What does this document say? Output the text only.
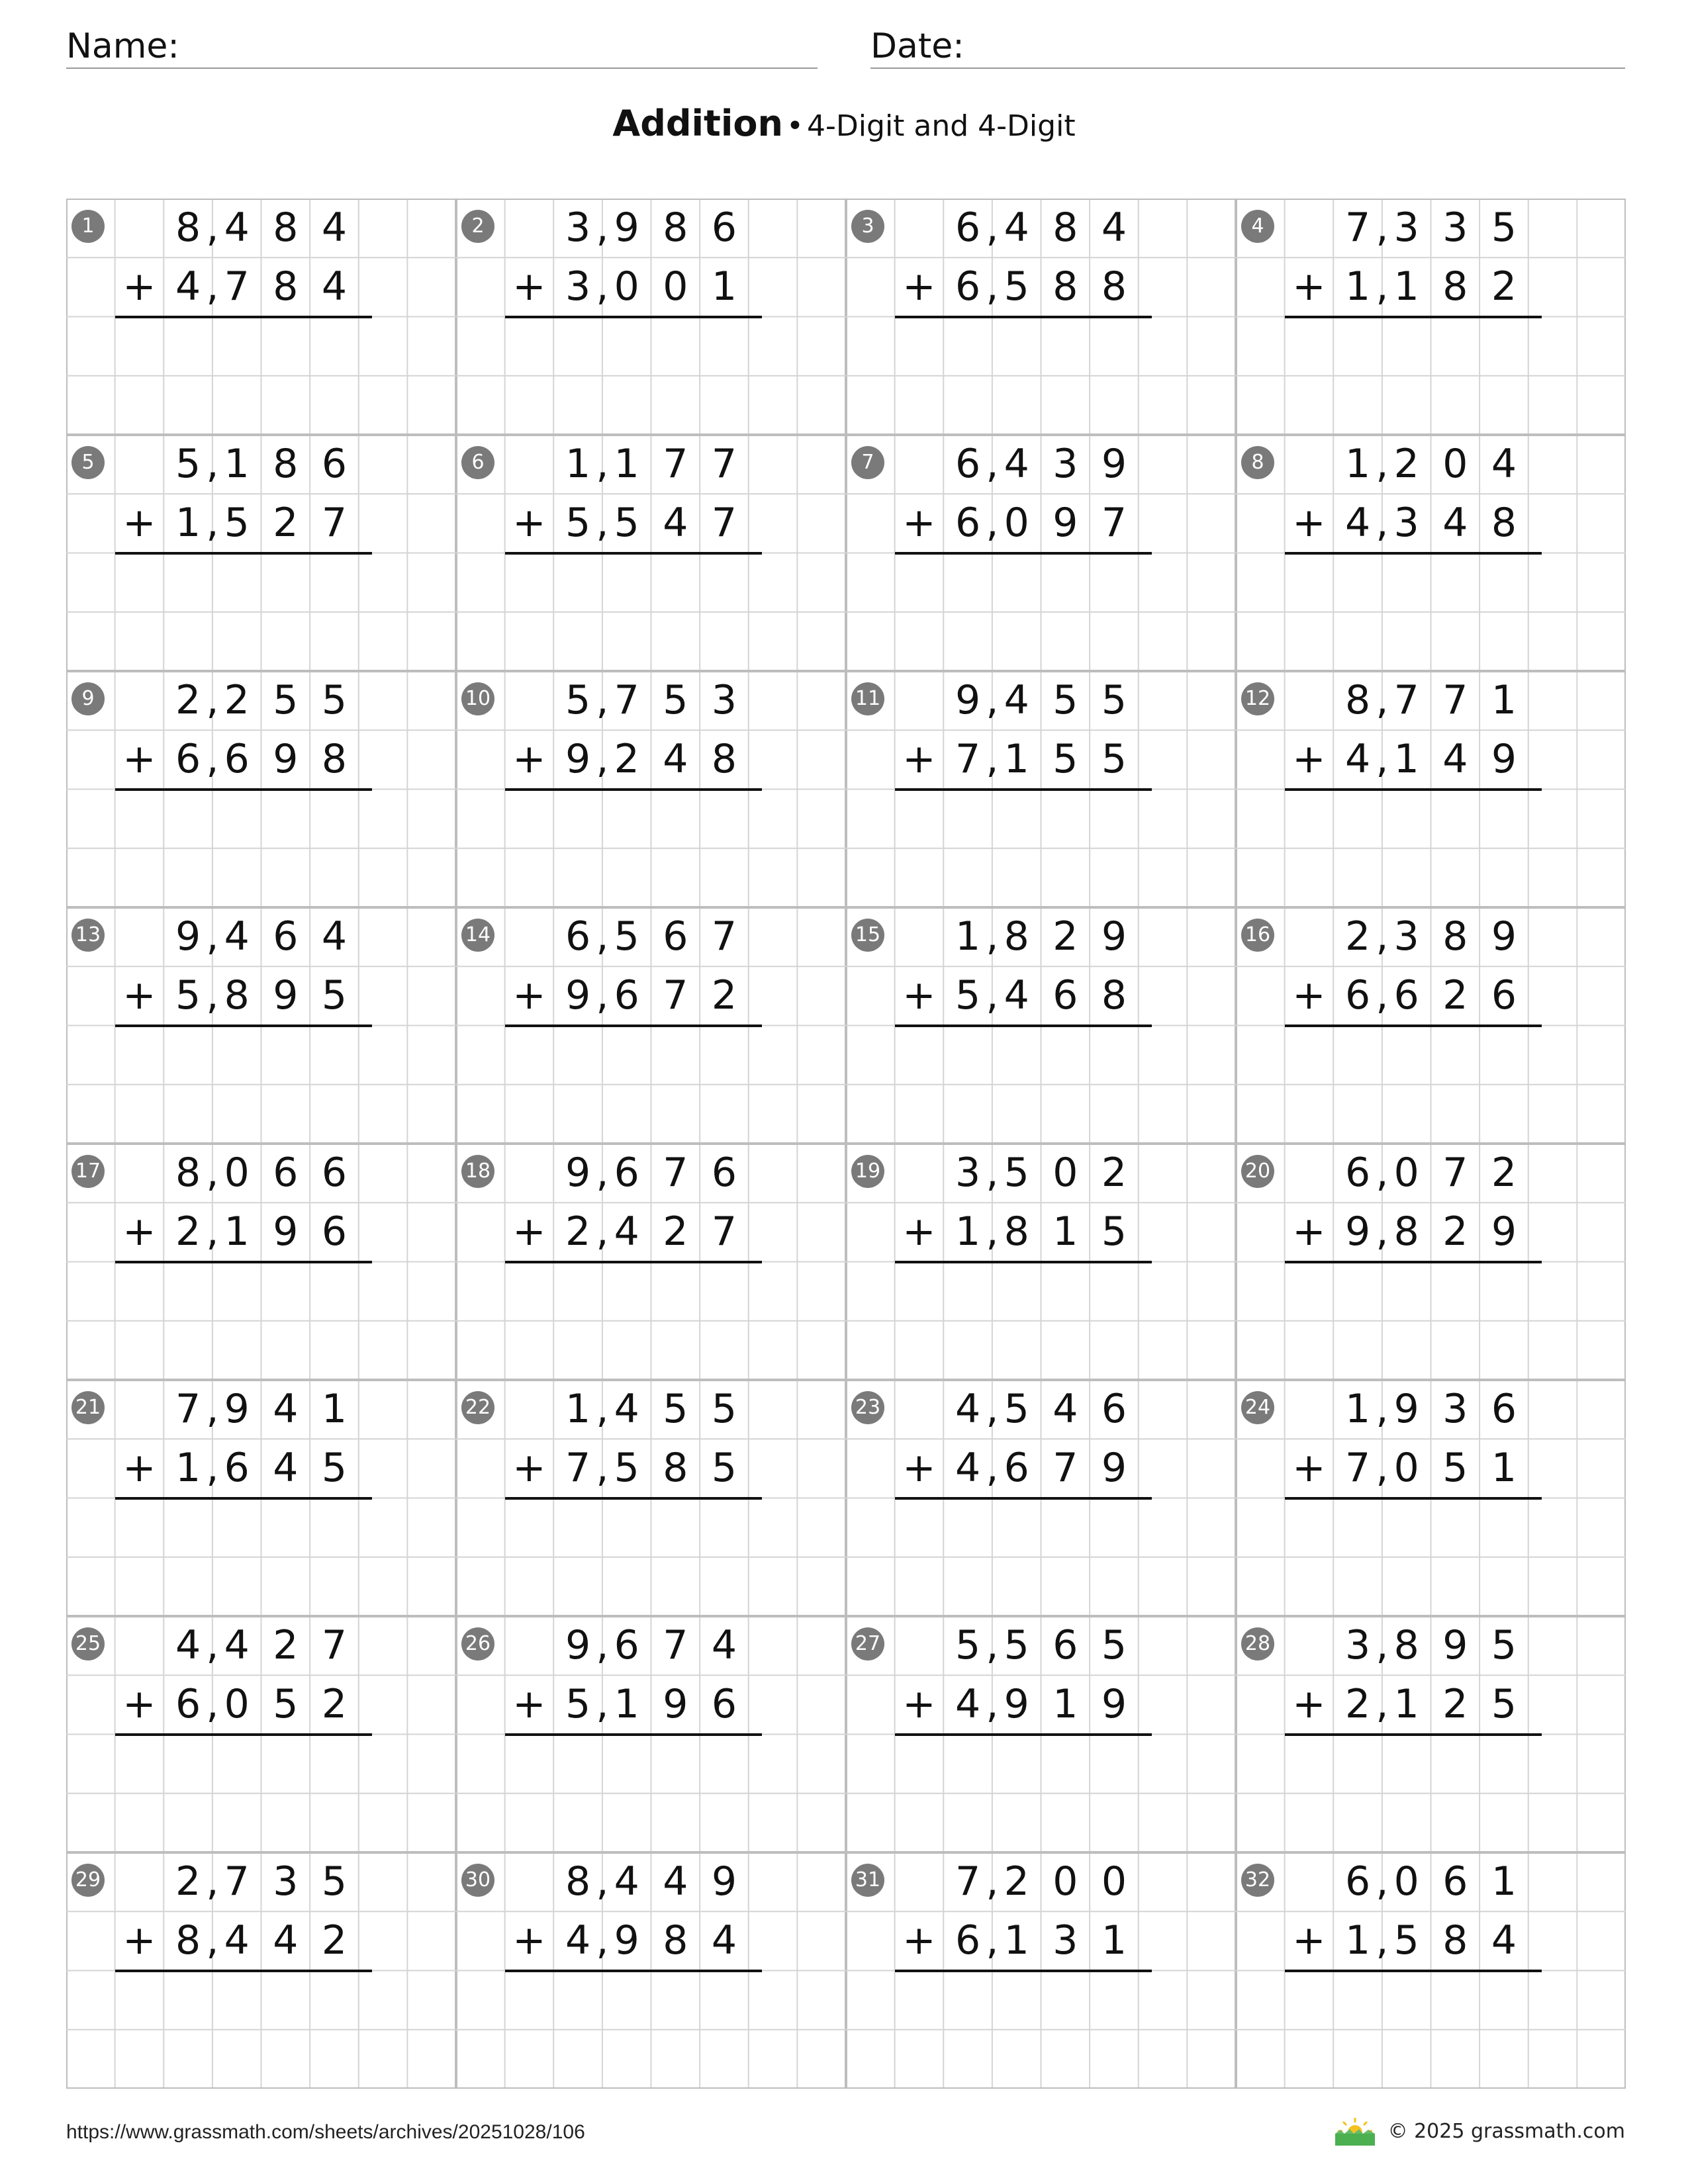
Name:	Date:
Addition • 4-Digit and 4-Digit
1 8 4 8 4
,
4 7 8 4
,
+
2 3 9 8 6
,
3 0 0 1
,
+
3 6 4 8 4
,
6 5 8 8
,
+
4 7 3 3 5
,
1 1 8 2
,
+
5 5 1 8 6
,
1 5 2 7
,
+
6 1 1 7 7
,
5 5 4 7
,
+
7 6 4 3 9
,
6 0 9 7
,
+
8 1 2 0 4
,
4 3 4 8
,
+
9 2 2 5 5
,
6 6 9 8
,
+
10 5 7 5 3
,
9 2 4 8
,
+
11 9 4 5 5
,
7 1 5 5
,
+
12 8 7 7 1
,
4 1 4 9
,
+
13 9 4 6 4
,
5 8 9 5
,
+
14 6 5 6 7
,
9 6 7 2
,
+
15 1 8 2 9
,
5 4 6 8
,
+
16 2 3 8 9
,
6 6 2 6
,
+
17 8 0 6 6
,
2 1 9 6
,
+
18 9 6 7 6
,
2 4 2 7
,
+
19 3 5 0 2
,
1 8 1 5
,
+
20 6 0 7 2
,
9 8 2 9
,
+
21 7 9 4 1
,
1 6 4 5
,
+
22 1 4 5 5
,
7 5 8 5
,
+
23 4 5 4 6
,
4 6 7 9
,
+
24 1 9 3 6
,
7 0 5 1
,
+
25 4 4 2 7
,
6 0 5 2
,
+
26 9 6 7 4
,
5 1 9 6
,
+
27 5 5 6 5
,
4 9 1 9
,
+
28 3 8 9 5
,
2 1 2 5
,
+
29 2 7 3 5
,
8 4 4 2
,
+
30 8 4 4 9
,
4 9 8 4
,
+
31 7 2 0 0
,
6 1 3 1
,
+
32 6 0 6 1
,
1 5 8 4
,
+
https://www.grassmath.com/sheets/archives/20251028/106	© 2025 grassmath.com
